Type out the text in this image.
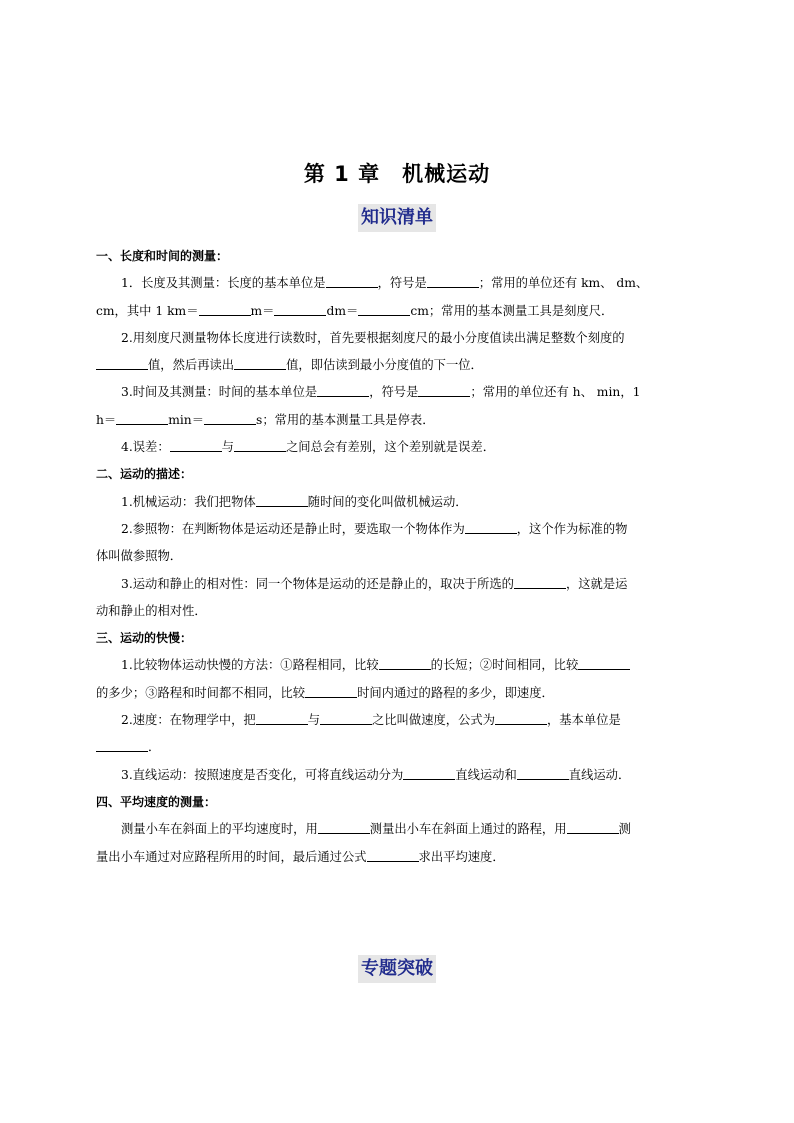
第 1 章　机械运动
知识清单
一、长度和时间的测量：
1．长度及其测量：长度的基本单位是	，符号是	；常用的单位还有 km、 dm、
cm，其中 1 km＝	m＝	dm＝	cm；常用的基本测量工具是刻度尺．
2.用刻度尺测量物体长度进行读数时，首先要根据刻度尺的最小分度值读出满足整数个刻度的
值，然后再读出	值，即估读到最小分度值的下一位．
3.时间及其测量：时间的基本单位是	，符号是	；常用的单位还有 h、 min，1
h＝	min＝	s；常用的基本测量工具是停表．
4.误差：	与	之间总会有差别，这个差别就是误差．
二、运动的描述：
1.机械运动：我们把物体	随时间的变化叫做机械运动．
2.参照物：在判断物体是运动还是静止时，要选取一个物体作为	，这个作为标准的物
体叫做参照物．
3.运动和静止的相对性：同一个物体是运动的还是静止的，取决于所选的	，这就是运
动和静止的相对性．
三、运动的快慢：
1.比较物体运动快慢的方法：①路程相同，比较	的长短；②时间相同，比较
的多少；③路程和时间都不相同，比较	时间内通过的路程的多少，即速度．
2.速度：在物理学中，把	与	之比叫做速度，公式为	，基本单位是
．
3.直线运动：按照速度是否变化，可将直线运动分为	直线运动和	直线运动．
四、平均速度的测量：
测量小车在斜面上的平均速度时，用	测量出小车在斜面上通过的路程，用	测
量出小车通过对应路程所用的时间，最后通过公式	求出平均速度．
专题突破
